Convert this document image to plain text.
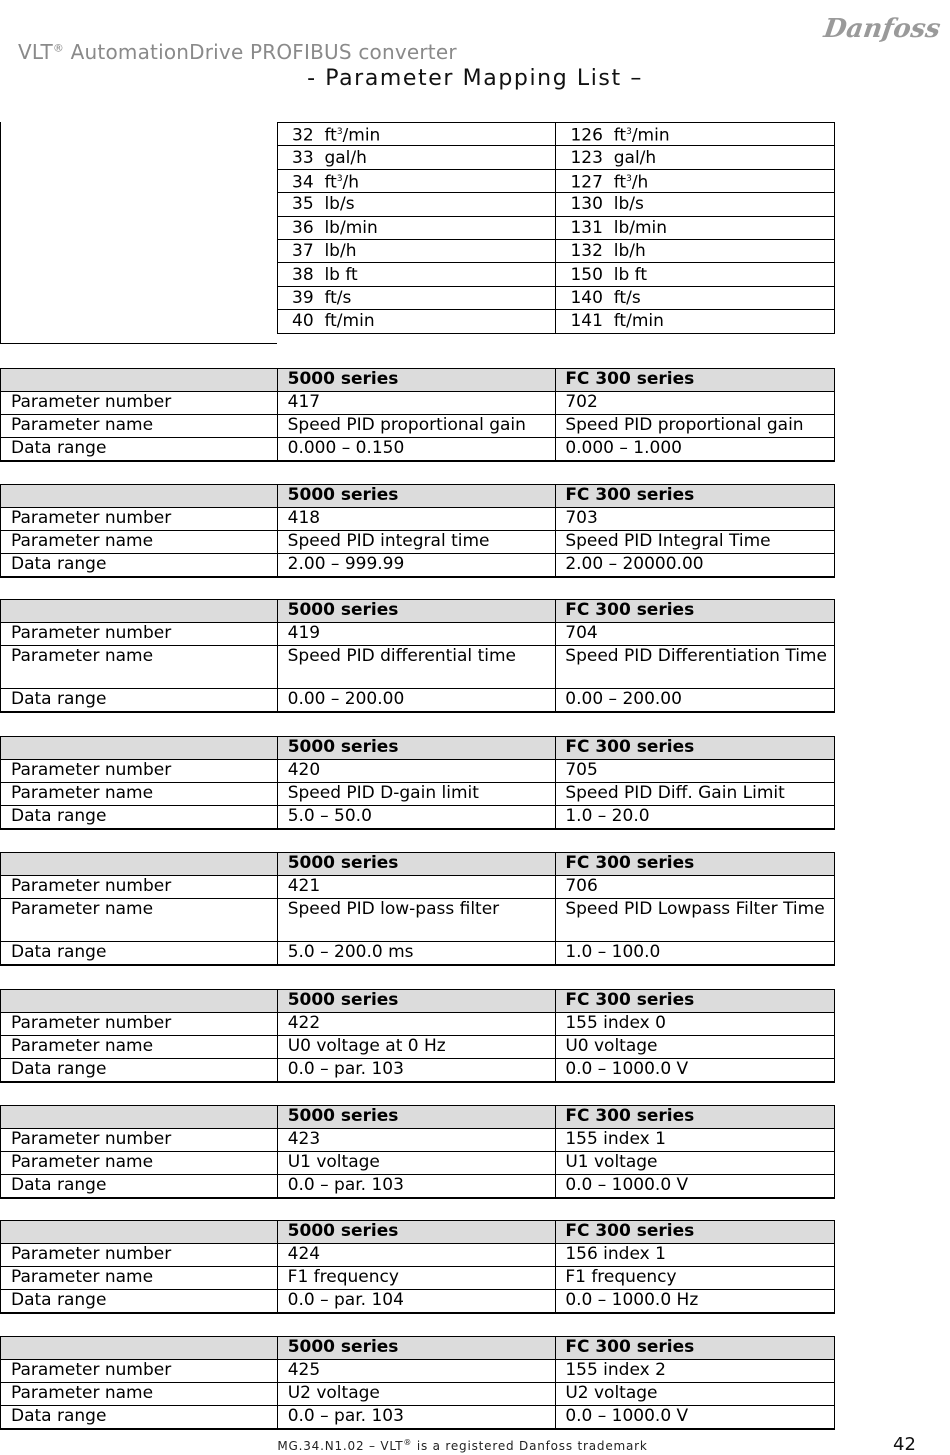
VLT® AutomationDrive PROFIBUS converter
- Parameter Mapping List –
Danfoss
32 $ft^3/\min$	126 $ft^3/\min$
33 gal/h	123 gal/h
34 $ft^3/h$	127 $ft^3/h$
35 lb/s	130 lb/s
36 lb/min	131 lb/min
37 lb/h	132 lb/h
38 lb ft	150 lb ft
39 ft/s	140 ft/s
40 ft/min	141 ft/min
	5000 series	FC 300 series
Parameter number	417	702
Parameter name	Speed PID proportional gain	Speed PID proportional gain
Data range	0.000 – 0.150	0.000 – 1.000
	5000 series	FC 300 series
Parameter number	418	703
Parameter name	Speed PID integral time	Speed PID Integral Time
Data range	2.00 – 999.99	2.00 – 20000.00
	5000 series	FC 300 series
Parameter number	419	704
Parameter name	Speed PID differential time	Speed PID Differentiation Time
Data range	0.00 – 200.00	0.00 – 200.00
	5000 series	FC 300 series
Parameter number	420	705
Parameter name	Speed PID D-gain limit	Speed PID Diff. Gain Limit
Data range	5.0 – 50.0	1.0 – 20.0
	5000 series	FC 300 series
Parameter number	421	706
Parameter name	Speed PID low-pass filter	Speed PID Lowpass Filter Time
Data range	5.0 – 200.0 ms	1.0 – 100.0
	5000 series	FC 300 series
Parameter number	422	155 index 0
Parameter name	U0 voltage at 0 Hz	U0 voltage
Data range	0.0 – par. 103	0.0 – 1000.0 V
	5000 series	FC 300 series
Parameter number	423	155 index 1
Parameter name	U1 voltage	U1 voltage
Data range	0.0 – par. 103	0.0 – 1000.0 V
	5000 series	FC 300 series
Parameter number	424	156 index 1
Parameter name	F1 frequency	F1 frequency
Data range	0.0 – par. 104	0.0 – 1000.0 Hz
	5000 series	FC 300 series
Parameter number	425	155 index 2
Parameter name	U2 voltage	U2 voltage
Data range	0.0 – par. 103	0.0 – 1000.0 V
MG.34.N1.02 – VLT® is a registered Danfoss trademark	42
